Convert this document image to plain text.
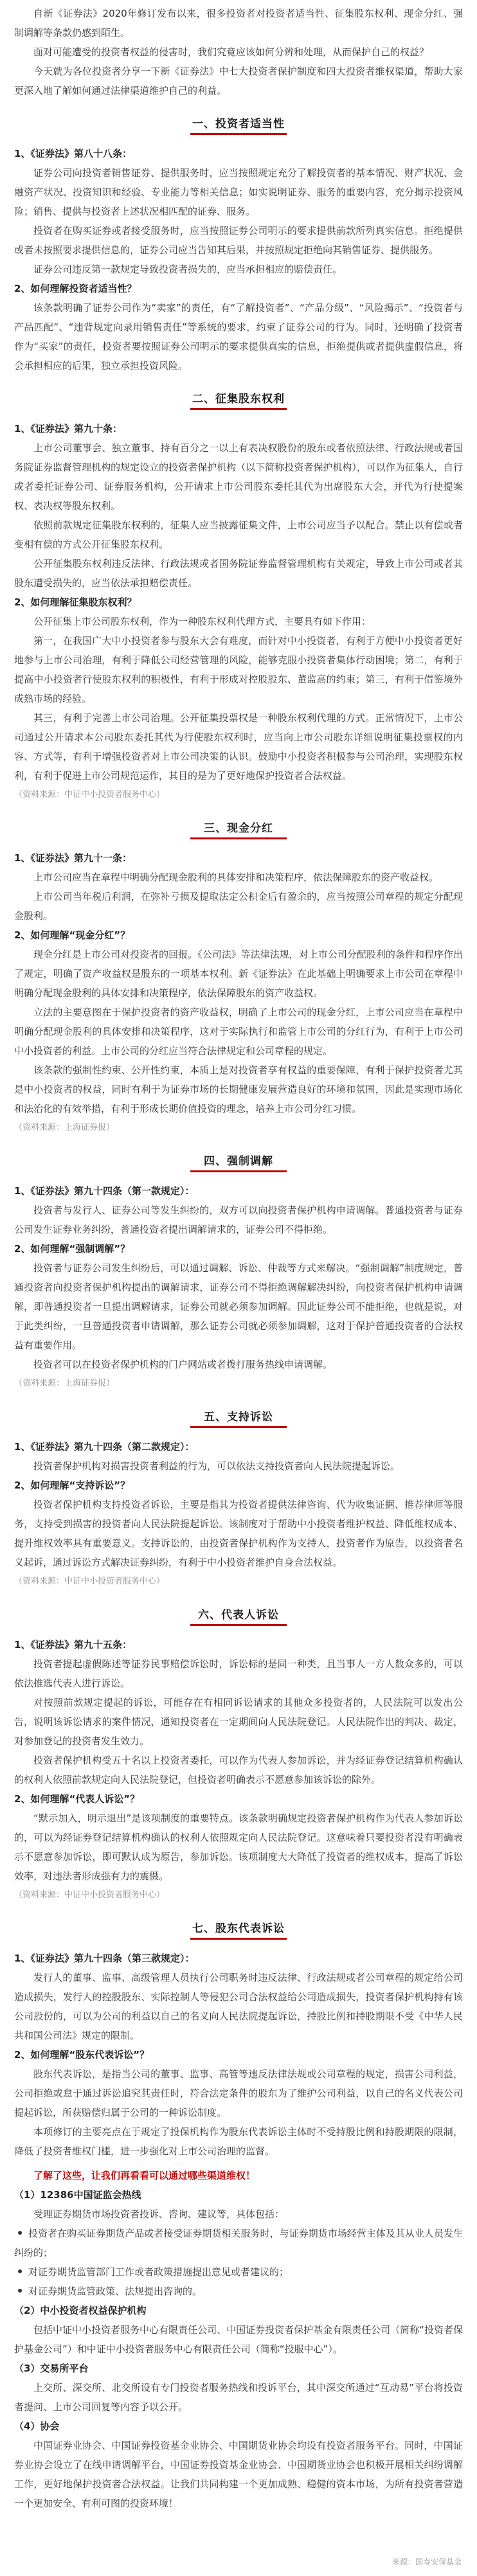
自新《证券法》2020年修订发布以来，很多投资者对投资者适当性、征集股东权利、现金分红、强制调解等条款仍感到陌生。

面对可能遭受的投资者权益的侵害时，我们究竟应该如何分辨和处理，从而保护自己的权益？

今天就为各位投资者分享一下新《证券法》中七大投资者保护制度和四大投资者维权渠道，帮助大家更深入地了解如何通过法律渠道维护自己的利益。

一、投资者适当性

1、《证券法》第八十八条：

证券公司向投资者销售证券、提供服务时，应当按照规定充分了解投资者的基本情况、财产状况、金融资产状况、投资知识和经验、专业能力等相关信息；如实说明证券、服务的重要内容，充分揭示投资风险；销售、提供与投资者上述状况相匹配的证券、服务。

投资者在购买证券或者接受服务时，应当按照证券公司明示的要求提供前款所列真实信息。拒绝提供或者未按照要求提供信息的，证券公司应当告知其后果，并按照规定拒绝向其销售证券、提供服务。

证券公司违反第一款规定导致投资者损失的，应当承担相应的赔偿责任。

2、如何理解投资者适当性？

该条款明确了证券公司作为“卖家”的责任，有“了解投资者”、“产品分级”、“风险揭示”、“投资者与产品匹配”、“违背规定向录用销售责任”等系统的要求，约束了证券公司的行为。同时，还明确了投资者作为“买家”的责任，投资者要按照证券公司明示的要求提供真实的信息，拒绝提供或者提供虚假信息，将会承担相应的后果，独立承担投资风险。

二、征集股东权利

1、《证券法》第九十条：

上市公司董事会、独立董事、持有百分之一以上有表决权股份的股东或者依照法律、行政法规或者国务院证券监督管理机构的规定设立的投资者保护机构（以下简称投资者保护机构），可以作为征集人，自行或者委托证券公司、证券服务机构，公开请求上市公司股东委托其代为出席股东大会，并代为行使提案权、表决权等股东权利。

依照前款规定征集股东权利的，征集人应当披露征集文件，上市公司应当予以配合。禁止以有偿或者变相有偿的方式公开征集股东权利。

公开征集股东权利违反法律、行政法规或者国务院证券监督管理机构有关规定，导致上市公司或者其股东遭受损失的，应当依法承担赔偿责任。

2、如何理解征集股东权利？

公开征集上市公司股东权利，作为一种股东权利代理方式，主要具有如下作用：

第一，在我国广大中小投资者参与股东大会有难度，而针对中小投资者，有利于方便中小投资者更好地参与上市公司治理，有利于降低公司经营管理的风险，能够克服小投资者集体行动困境；第二，有利于提高中小投资者行使股东权利的积极性，有利于形成对控股股东、董监高的约束；第三，有利于借鉴境外成熟市场的经验。

其三，有利于完善上市公司治理。公开征集投票权是一种股东权利代理的方式。正常情况下，上市公司通过公开请求本公司股东委托其代为行使股东权利时，应当向上市公司股东详细说明征集投票权的内容、方式等，有利于增强投资者对上市公司决策的认识。鼓励中小投资者积极参与公司治理，实现股东权利，有利于促进上市公司规范运作，其目的是为了更好地保护投资者合法权益。

（资料来源：中证中小投资者服务中心）

三、现金分红

1、《证券法》第九十一条：

上市公司应当在章程中明确分配现金股利的具体安排和决策程序，依法保障股东的资产收益权。

上市公司当年税后利润，在弥补亏损及提取法定公积金后有盈余的，应当按照公司章程的规定分配现金股利。

2、如何理解“现金分红”？

现金分红是上市公司对投资者的回报。《公司法》等法律法规，对上市公司分配股利的条件和程序作出了规定，明确了资产收益权是股东的一项基本权利。新《证券法》在此基础上明确要求上市公司在章程中明确分配现金股利的具体安排和决策程序，依法保障股东的资产收益权。

立法的主要意图在于保护投资者的资产收益权，明确了上市公司的现金分红，上市公司应当在章程中明确分配现金股利的具体安排和决策程序，这对于实际执行和监管上市公司的分红行为，有利于上市公司中小投资者的利益。上市公司的分红应当符合法律规定和公司章程的规定。

该条款的强制性约束、公开性约束，本质上是对投资者享有权益的重要保障，有利于保护投资者尤其是中小投资者的权益，同时有利于为证券市场的长期健康发展营造良好的环境和氛围，因此是实现市场化和法治化的有效举措，有利于形成长期价值投资的理念，培养上市公司分红习惯。

（资料来源：上海证券报）

四、强制调解

1、《证券法》第九十四条（第一款规定）：

投资者与发行人、证券公司等发生纠纷的，双方可以向投资者保护机构申请调解。普通投资者与证券公司发生证券业务纠纷，普通投资者提出调解请求的，证券公司不得拒绝。

2、如何理解“强制调解”？

投资者与证券公司发生纠纷后，可以通过调解、诉讼、仲裁等方式来解决。“强制调解”制度规定，普通投资者向投资者保护机构提出的调解请求，证券公司不得拒绝调解解决纠纷，向投资者保护机构申请调解，即普通投资者一旦提出调解请求，证券公司就必须参加调解。因此证券公司不能拒绝，也就是说，对于此类纠纷，一旦普通投资者申请调解，那么证券公司就必须参加调解，这对于保护普通投资者的合法权益有重要作用。

投资者可以在投资者保护机构的门户网站或者拨打服务热线申请调解。

（资料来源：上海证券报）

五、支持诉讼

1、《证券法》第九十四条（第二款规定）：

投资者保护机构对损害投资者利益的行为，可以依法支持投资者向人民法院提起诉讼。

2、如何理解“支持诉讼”？

投资者保护机构支持投资者诉讼，主要是指其为投资者提供法律咨询、代为收集证据、推荐律师等服务，支持受到损害的投资者向人民法院提起诉讼。该制度对于帮助中小投资者维护权益、降低维权成本、提升维权效率具有重要意义。支持诉讼的，由投资者保护机构作为支持人，投资者作为原告，以投资者名义起诉，通过诉讼方式解决证券纠纷，有利于中小投资者维护自身合法权益。

（资料来源：中证中小投资者服务中心）

六、代表人诉讼

1、《证券法》第九十五条：

投资者提起虚假陈述等证券民事赔偿诉讼时，诉讼标的是同一种类，且当事人一方人数众多的，可以依法推选代表人进行诉讼。

对按照前款规定提起的诉讼，可能存在有相同诉讼请求的其他众多投资者的，人民法院可以发出公告，说明该诉讼请求的案件情况，通知投资者在一定期间向人民法院登记。人民法院作出的判决、裁定，对参加登记的投资者发生效力。

投资者保护机构受五十名以上投资者委托，可以作为代表人参加诉讼，并为经证券登记结算机构确认的权利人依照前款规定向人民法院登记，但投资者明确表示不愿意参加该诉讼的除外。

2、如何理解“代表人诉讼”？

“默示加入，明示退出”是该项制度的重要特点。该条款明确规定投资者保护机构作为代表人参加诉讼的，可以为经证券登记结算机构确认的权利人依照规定向人民法院登记。这意味着只要投资者没有明确表示不愿意参加诉讼，即可默认成为原告，参加诉讼。该项制度大大降低了投资者的维权成本，提高了诉讼效率，对违法者形成强有力的震慑。

（资料来源：中证中小投资者服务中心）

七、股东代表诉讼

1、《证券法》第九十四条（第三款规定）：

发行人的董事、监事、高级管理人员执行公司职务时违反法律、行政法规或者公司章程的规定给公司造成损失，发行人的控股股东、实际控制人等侵犯公司合法权益给公司造成损失，投资者保护机构持有该公司股份的，可以为公司的利益以自己的名义向人民法院提起诉讼，持股比例和持股期限不受《中华人民共和国公司法》规定的限制。

2、如何理解“股东代表诉讼”？

股东代表诉讼，是指当公司的董事、监事、高管等违反法律法规或公司章程的规定，损害公司利益，公司拒绝或怠于通过诉讼追究其责任时，符合法定条件的股东为了维护公司利益，以自己的名义代表公司提起诉讼，所获赔偿归属于公司的一种诉讼制度。

本项修订的主要亮点在于规定了投保机构作为股东代表诉讼主体时不受持股比例和持股期限的限制，降低了投资者维权门槛，进一步强化对上市公司治理的监督。

了解了这些，让我们再看看可以通过哪些渠道维权！

（1）12386中国证监会热线

受理证券期货市场投资者投诉、咨询、建议等，具体包括：

投资者在购买证券期货产品或者接受证券期货相关服务时，与证券期货市场经营主体及其从业人员发生纠纷的；

对证券期货监管部门工作或者政策措施提出意见或者建议的；

对证券期货监管政策、法规提出咨询的。

（2）中小投资者权益保护机构

包括中证中小投资者服务中心有限责任公司、中国证券投资者保护基金有限责任公司（简称“投资者保护基金公司”）和中证中小投资者服务中心有限责任公司（简称“投服中心”）。

（3）交易所平台

上交所、深交所、北交所设有专门投资者服务热线和投诉平台，其中深交所通过“互动易”平台将投资者提问、上市公司回复等内容予以公开。

（4）协会

中国证券业协会、中国证券投资基金业协会、中国期货业协会均设有投资者服务平台。同时，中国证券业协会设立了在线申请调解平台，中国证券投资基金业协会、中国期货业协会也积极开展相关纠纷调解工作，更好地保护投资者合法权益。让我们共同构建一个更加成熟、稳健的资本市场，为所有投资者营造一个更加安全、有利可图的投资环境！

来源：国寿安保基金
